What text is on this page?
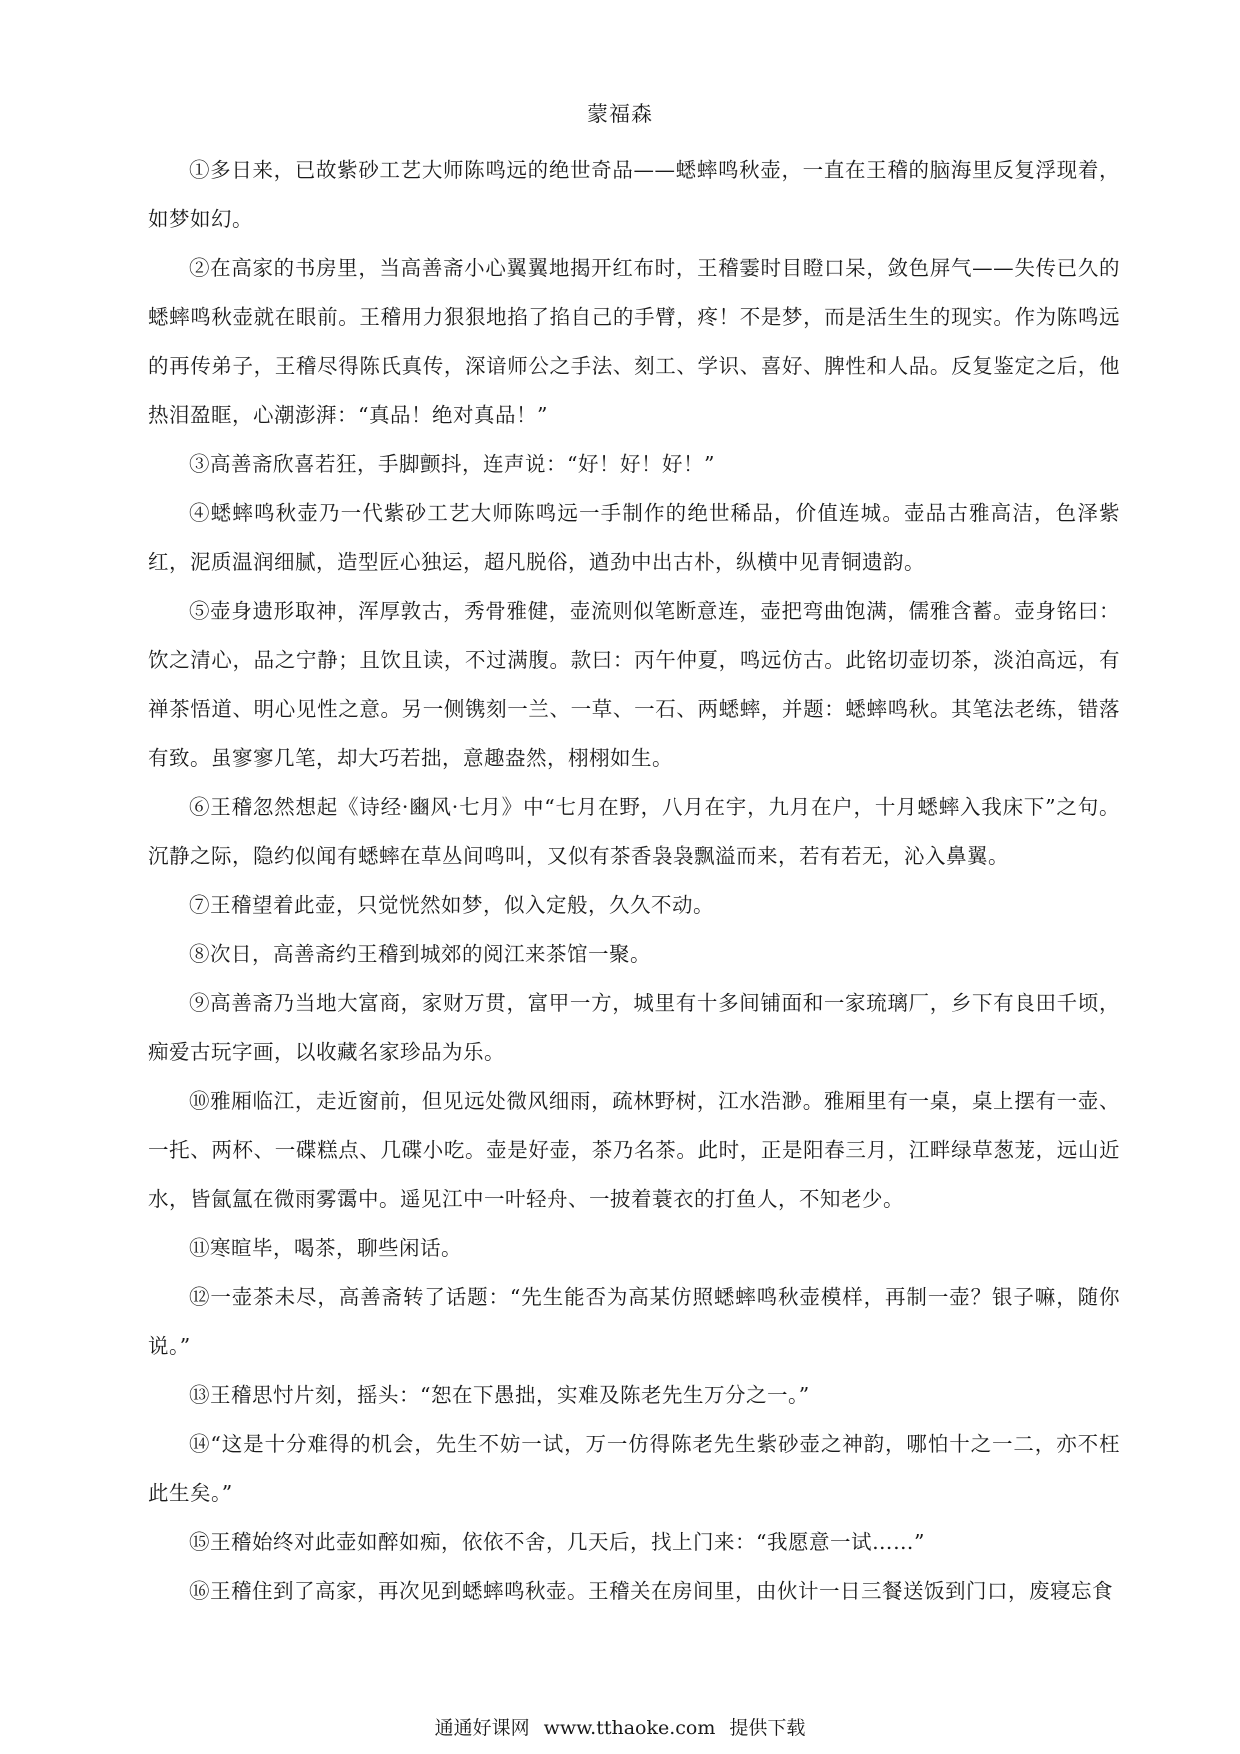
蒙福森

①多日来，已故紫砂工艺大师陈鸣远的绝世奇品——蟋蟀鸣秋壶，一直在王稽的脑海里反复浮现着，如梦如幻。

②在高家的书房里，当高善斋小心翼翼地揭开红布时，王稽霎时目瞪口呆，敛色屏气——失传已久的蟋蟀鸣秋壶就在眼前。王稽用力狠狠地掐了掐自己的手臂，疼！不是梦，而是活生生的现实。作为陈鸣远的再传弟子，王稽尽得陈氏真传，深谙师公之手法、刻工、学识、喜好、脾性和人品。反复鉴定之后，他热泪盈眶，心潮澎湃：“真品！绝对真品！”

③高善斋欣喜若狂，手脚颤抖，连声说：“好！好！好！”

④蟋蟀鸣秋壶乃一代紫砂工艺大师陈鸣远一手制作的绝世稀品，价值连城。壶品古雅高洁，色泽紫红，泥质温润细腻，造型匠心独运，超凡脱俗，遒劲中出古朴，纵横中见青铜遗韵。

⑤壶身遗形取神，浑厚敦古，秀骨雅健，壶流则似笔断意连，壶把弯曲饱满，儒雅含蓄。壶身铭曰：饮之清心，品之宁静；且饮且读，不过满腹。款曰：丙午仲夏，鸣远仿古。此铭切壶切茶，淡泊高远，有禅茶悟道、明心见性之意。另一侧镌刻一兰、一草、一石、两蟋蟀，并题：蟋蟀鸣秋。其笔法老练，错落有致。虽寥寥几笔，却大巧若拙，意趣盎然，栩栩如生。

⑥王稽忽然想起《诗经·豳风·七月》中“七月在野，八月在宇，九月在户，十月蟋蟀入我床下”之句。沉静之际，隐约似闻有蟋蟀在草丛间鸣叫，又似有茶香袅袅飘溢而来，若有若无，沁入鼻翼。

⑦王稽望着此壶，只觉恍然如梦，似入定般，久久不动。

⑧次日，高善斋约王稽到城郊的阅江来茶馆一聚。

⑨高善斋乃当地大富商，家财万贯，富甲一方，城里有十多间铺面和一家琉璃厂，乡下有良田千顷，痴爱古玩字画，以收藏名家珍品为乐。

⑩雅厢临江，走近窗前，但见远处微风细雨，疏林野树，江水浩渺。雅厢里有一桌，桌上摆有一壶、一托、两杯、一碟糕点、几碟小吃。壶是好壶，茶乃名茶。此时，正是阳春三月，江畔绿草葱茏，远山近水，皆氤氲在微雨雾霭中。遥见江中一叶轻舟、一披着蓑衣的打鱼人，不知老少。

⑪寒暄毕，喝茶，聊些闲话。

⑫一壶茶未尽，高善斋转了话题：“先生能否为高某仿照蟋蟀鸣秋壶模样，再制一壶？银子嘛，随你说。”

⑬王稽思忖片刻，摇头：“恕在下愚拙，实难及陈老先生万分之一。”

⑭“这是十分难得的机会，先生不妨一试，万一仿得陈老先生紫砂壶之神韵，哪怕十之一二，亦不枉此生矣。”

⑮王稽始终对此壶如醉如痴，依依不舍，几天后，找上门来：“我愿意一试……”

⑯王稽住到了高家，再次见到蟋蟀鸣秋壶。王稽关在房间里，由伙计一日三餐送饭到门口，废寝忘食

通通好课网 www.tthaoke.com 提供下载
